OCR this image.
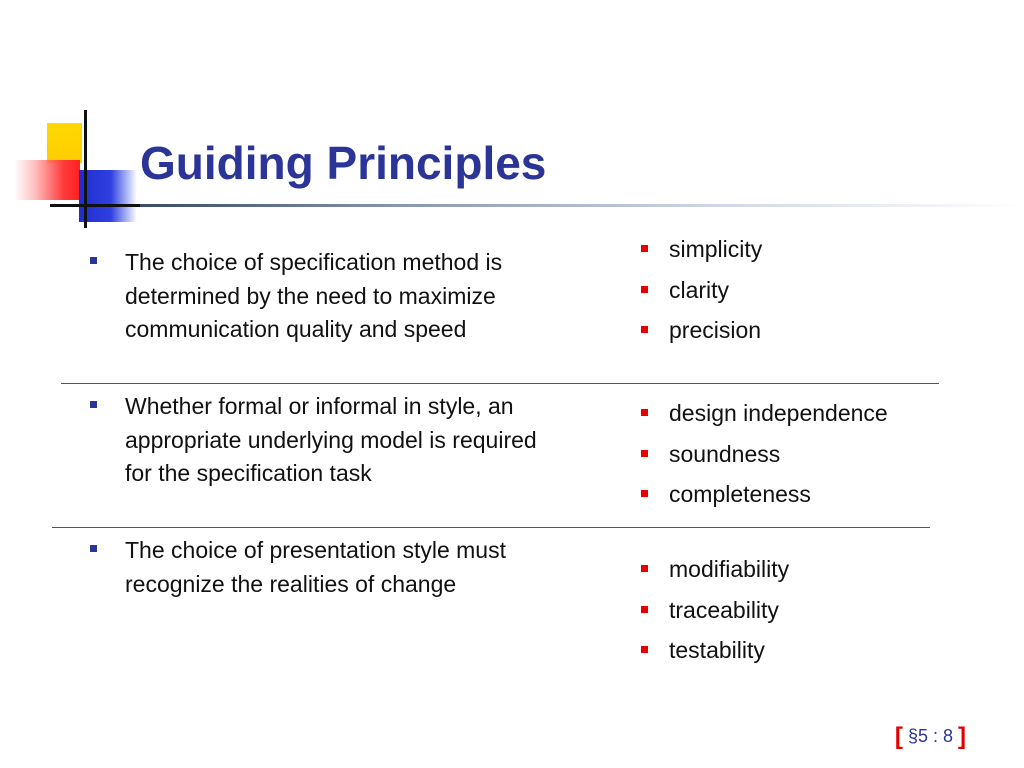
Guiding Principles
The choice of specification method is determined by the need to maximize communication quality and speed
simplicity
clarity
precision
Whether formal or informal in style, an appropriate underlying model is required for the specification task
design independence
soundness
completeness
The choice of presentation style must recognize the realities of change
modifiability
traceability
testability
[ §5 : 8 ]
